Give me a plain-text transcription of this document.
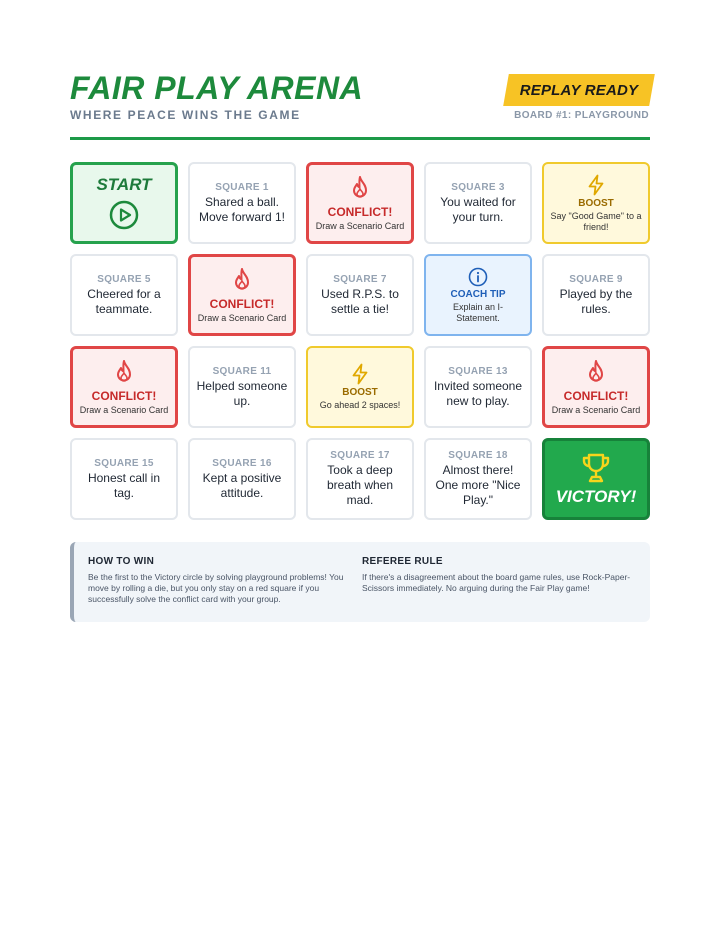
FAIR PLAY ARENA
WHERE PEACE WINS THE GAME
REPLAY READY
BOARD #1: PLAYGROUND
START	SQUARE 1
Shared a ball. Move forward 1!	CONFLICT!
Draw a Scenario Card
SQUARE 3
You waited for your turn.
BOOST
Say "Good Game" to a friend!
SQUARE 5
Cheered for a teammate.	CONFLICT!
Draw a Scenario Card
SQUARE 7
Used R.P.S. to settle a tie!
COACH TIP
Explain an I-Statement.
SQUARE 9
Played by the rules.
CONFLICT!
Draw a Scenario Card
SQUARE 11
Helped someone up.
BOOST
Go ahead 2 spaces!
SQUARE 13
Invited someone new to play.	CONFLICT!
Draw a Scenario Card
SQUARE 15
Honest call in tag.
SQUARE 16
Kept a positive attitude.
SQUARE 17
Took a deep breath when mad.
SQUARE 18
Almost there! One more "Nice Play."	VICTORY!
HOW TO WIN
Be the first to the Victory circle by solving playground problems! You move by rolling a die, but you only stay on a red square if you successfully solve the conflict card with your group.
REFEREE RULE
If there's a disagreement about the board game rules, use Rock-Paper-Scissors immediately. No arguing during the Fair Play game!
